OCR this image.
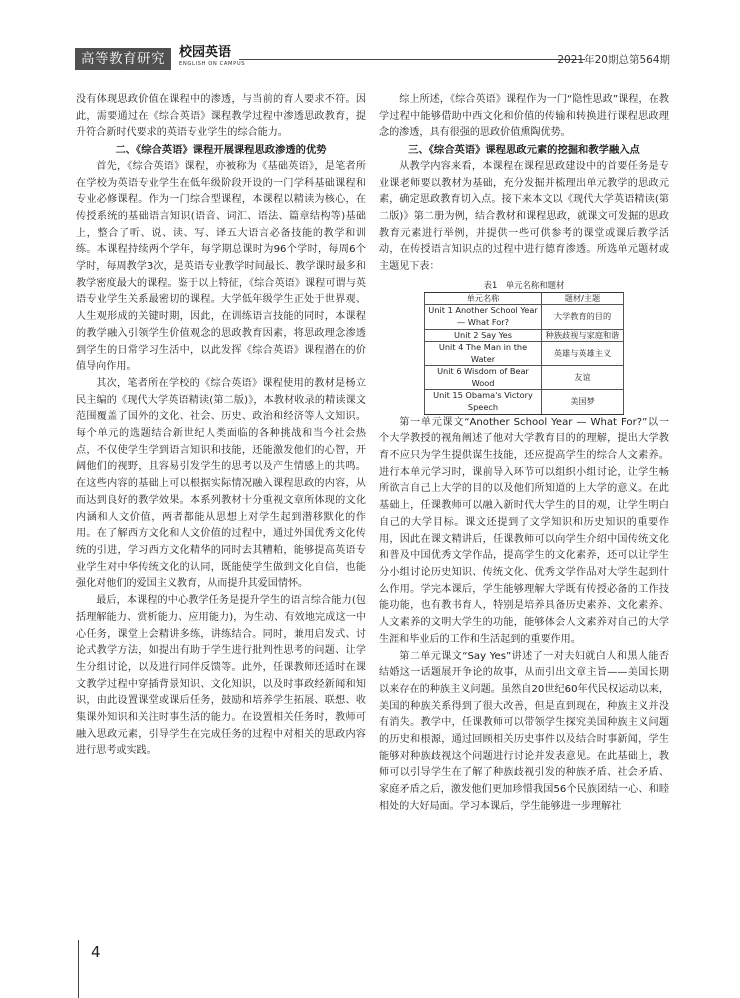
高等教育研究	校园英语
ENGLISH ON CAMPUS	2021年20期总第564期

没有体现思政价值在课程中的渗透，与当前的育人要求不符。因此，需要通过在《综合英语》课程教学过程中渗透思政教育，提升符合新时代要求的英语专业学生的综合能力。

二、《综合英语》课程开展课程思政渗透的优势

首先，《综合英语》课程，亦被称为《基础英语》，是笔者所在学校为英语专业学生在低年级阶段开设的一门学科基础课程和专业必修课程。作为一门综合型课程，本课程以精读为核心，在传授系统的基础语言知识(语音、词汇、语法、篇章结构等)基础上，整合了听、说、读、写、译五大语言必备技能的教学和训练。本课程持续两个学年，每学期总课时为96个学时，每周6个学时，每周教学3次，是英语专业教学时间最长、教学课时最多和教学密度最大的课程。鉴于以上特征，《综合英语》课程可谓与英语专业学生关系最密切的课程。大学低年级学生正处于世界观、人生观形成的关键时期，因此，在训练语言技能的同时，本课程的教学融入引领学生价值观念的思政教育因素，将思政理念渗透到学生的日常学习生活中，以此发挥《综合英语》课程潜在的价值导向作用。

其次，笔者所在学校的《综合英语》课程使用的教材是杨立民主编的《现代大学英语精读(第二版)》，本教材收录的精读课文范围覆盖了国外的文化、社会、历史、政治和经济等人文知识。每个单元的选题结合新世纪人类面临的各种挑战和当今社会热点，不仅使学生学到语言知识和技能，还能激发他们的心智，开阔他们的视野，且容易引发学生的思考以及产生情感上的共鸣。在这些内容的基础上可以根据实际情况融入课程思政的内容，从而达到良好的教学效果。本系列教材十分重视文章所体现的文化内涵和人文价值，两者都能从思想上对学生起到潜移默化的作用。在了解西方文化和人文价值的过程中，通过外国优秀文化传统的引进，学习西方文化精华的同时去其糟粕，能够提高英语专业学生对中华传统文化的认同，既能使学生做到文化自信，也能强化对他们的爱国主义教育，从而提升其爱国情怀。

最后，本课程的中心教学任务是提升学生的语言综合能力(包括理解能力、赏析能力、应用能力)，为生动、有效地完成这一中心任务，课堂上会精讲多练，讲练结合。同时，兼用启发式、讨论式教学方法，如提出有助于学生进行批判性思考的问题、让学生分组讨论，以及进行同伴反馈等。此外，任课教师还适时在课文教学过程中穿插背景知识、文化知识，以及时事政经新闻和知识，由此设置课堂或课后任务，鼓励和培养学生拓展、联想、收集课外知识和关注时事生活的能力。在设置相关任务时，教师可融入思政元素，引导学生在完成任务的过程中对相关的思政内容进行思考或实践。

综上所述，《综合英语》课程作为一门“隐性思政”课程，在教学过程中能够借助中西文化和价值的传输和转换进行课程思政理念的渗透，具有很强的思政价值熏陶优势。

三、《综合英语》课程思政元素的挖掘和教学融入点

从教学内容来看，本课程在课程思政建设中的首要任务是专业课老师要以教材为基础，充分发掘并梳理出单元教学的思政元素，确定思政教育切入点。接下来本文以《现代大学英语精读(第二版)》第二册为例，结合教材和课程思政，就课文可发掘的思政教育元素进行举例，并提供一些可供参考的课堂或课后教学活动，在传授语言知识点的过程中进行德育渗透。所选单元题材或主题见下表：

表1　单元名称和题材
单元名称	题材/主题
Unit 1 Another School Year — What For?	大学教育的目的
Unit 2 Say Yes	种族歧视与家庭和谐
Unit 4 The Man in the Water	英雄与英雄主义
Unit 6 Wisdom of Bear Wood	友谊
Unit 15 Obama's Victory Speech	美国梦

第一单元课文“Another School Year — What For?”以一个大学教授的视角阐述了他对大学教育目的的理解，提出大学教育不应只为学生提供谋生技能，还应提高学生的综合人文素养。进行本单元学习时，课前导入环节可以组织小组讨论，让学生畅所欲言自己上大学的目的以及他们所知道的上大学的意义。在此基础上，任课教师可以融入新时代大学生的目的观，让学生明白自己的大学目标。课文还提到了文学知识和历史知识的重要作用，因此在课文精讲后，任课教师可以向学生介绍中国传统文化和普及中国优秀文学作品，提高学生的文化素养，还可以让学生分小组讨论历史知识、传统文化、优秀文学作品对大学生起到什么作用。学完本课后，学生能够理解大学既有传授必备的工作技能功能，也有教书育人，特别是培养具备历史素养、文化素养、人文素养的文明大学生的功能，能够体会人文素养对自己的大学生涯和毕业后的工作和生活起到的重要作用。

第二单元课文“Say Yes”讲述了一对夫妇就白人和黑人能否结婚这一话题展开争论的故事，从而引出文章主旨——美国长期以来存在的种族主义问题。虽然自20世纪60年代民权运动以来，美国的种族关系得到了很大改善，但是直到现在，种族主义并没有消失。教学中，任课教师可以带领学生探究美国种族主义问题的历史和根源，通过回顾相关历史事件以及结合时事新闻，学生能够对种族歧视这个问题进行讨论并发表意见。在此基础上，教师可以引导学生在了解了种族歧视引发的种族矛盾、社会矛盾、家庭矛盾之后，激发他们更加珍惜我国56个民族团结一心、和睦相处的大好局面。学习本课后，学生能够进一步理解社

4
